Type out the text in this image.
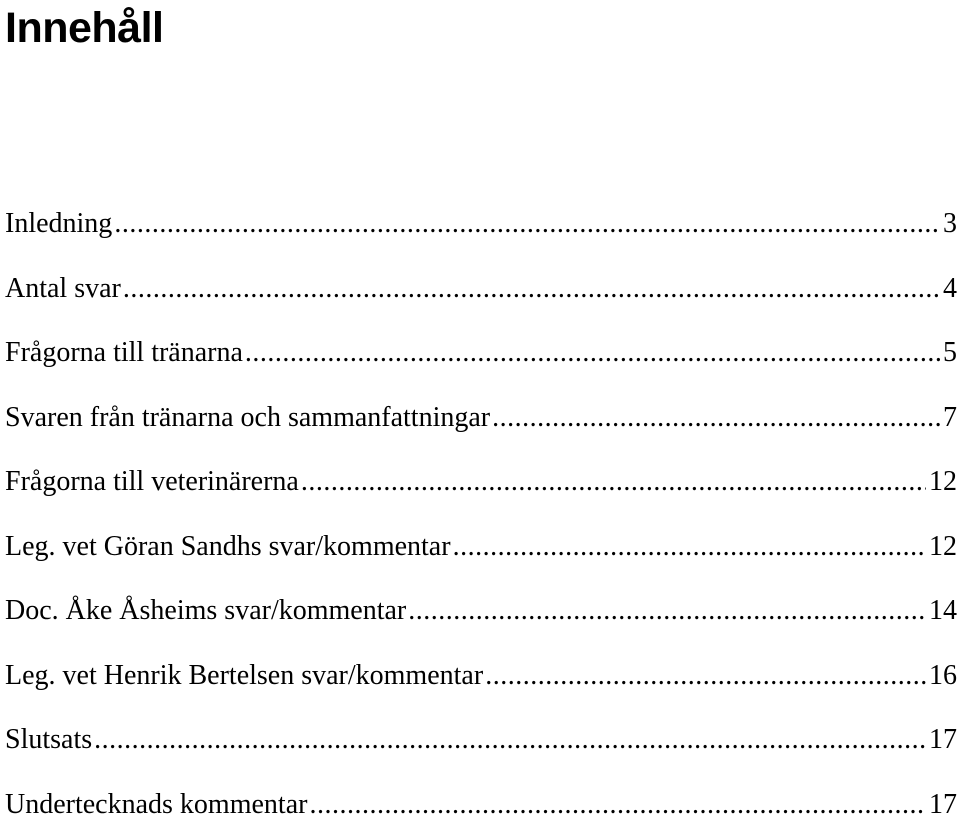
Innehåll
Inledning .....	3
Antal svar .....	4
Frågorna till tränarna .....	5
Svaren från tränarna och sammanfattningar .....	7
Frågorna till veterinärerna .....	12
Leg. vet Göran Sandhs svar/kommentar .....	12
Doc. Åke Åsheims svar/kommentar .....	14
Leg. vet Henrik Bertelsen svar/kommentar .....	16
Slutsats .....	17
Undertecknads kommentar .....	17
